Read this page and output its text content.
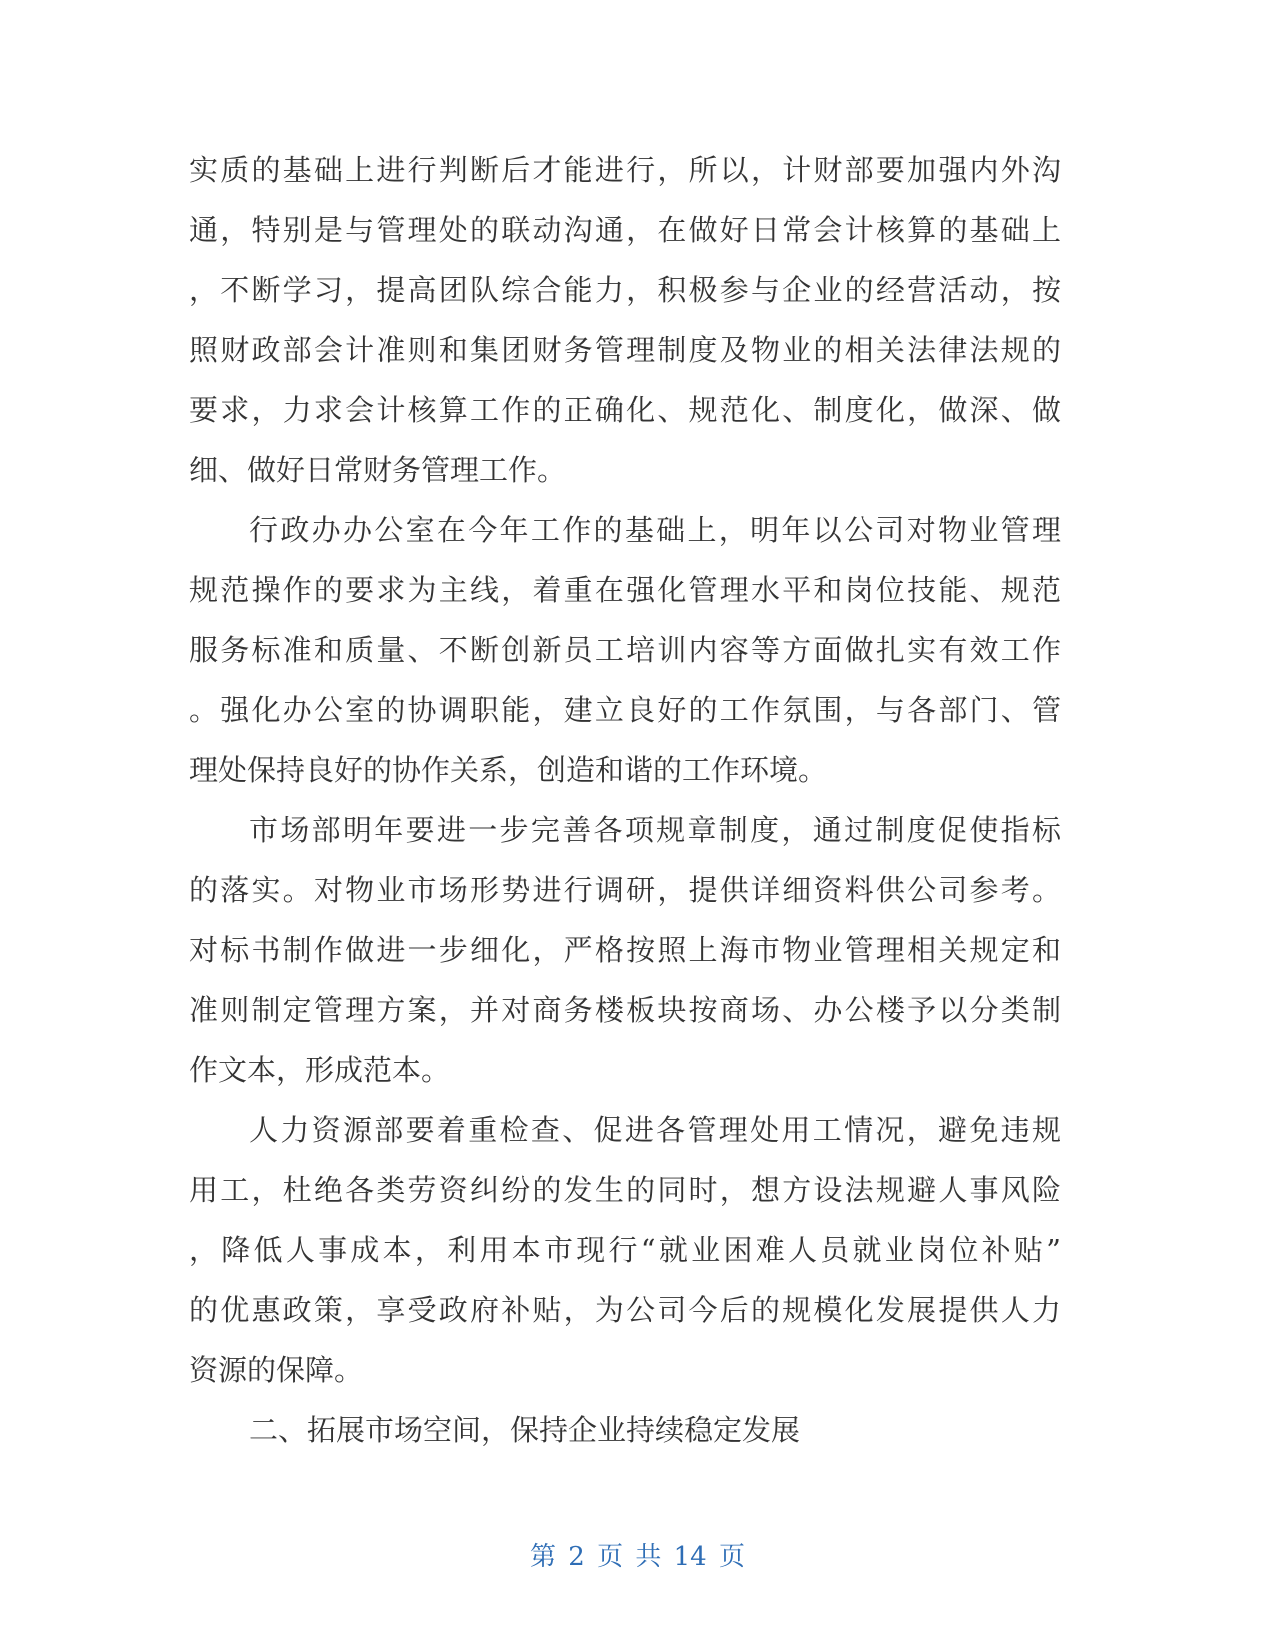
实质的基础上进行判断后才能进行，所以，计财部要加强内外沟
通，特别是与管理处的联动沟通，在做好日常会计核算的基础上
，不断学习，提高团队综合能力，积极参与企业的经营活动，按
照财政部会计准则和集团财务管理制度及物业的相关法律法规的
要求，力求会计核算工作的正确化、规范化、制度化，做深、做
细、做好日常财务管理工作。
行政办办公室在今年工作的基础上，明年以公司对物业管理
规范操作的要求为主线，着重在强化管理水平和岗位技能、规范
服务标准和质量、不断创新员工培训内容等方面做扎实有效工作
。强化办公室的协调职能，建立良好的工作氛围，与各部门、管
理处保持良好的协作关系，创造和谐的工作环境。
市场部明年要进一步完善各项规章制度，通过制度促使指标
的落实。对物业市场形势进行调研，提供详细资料供公司参考。
对标书制作做进一步细化，严格按照上海市物业管理相关规定和
准则制定管理方案，并对商务楼板块按商场、办公楼予以分类制
作文本，形成范本。
人力资源部要着重检查、促进各管理处用工情况，避免违规
用工，杜绝各类劳资纠纷的发生的同时，想方设法规避人事风险
，降低人事成本，利用本市现行“就业困难人员就业岗位补贴”
的优惠政策，享受政府补贴，为公司今后的规模化发展提供人力
资源的保障。
二、拓展市场空间，保持企业持续稳定发展
第 2 页 共 14 页
